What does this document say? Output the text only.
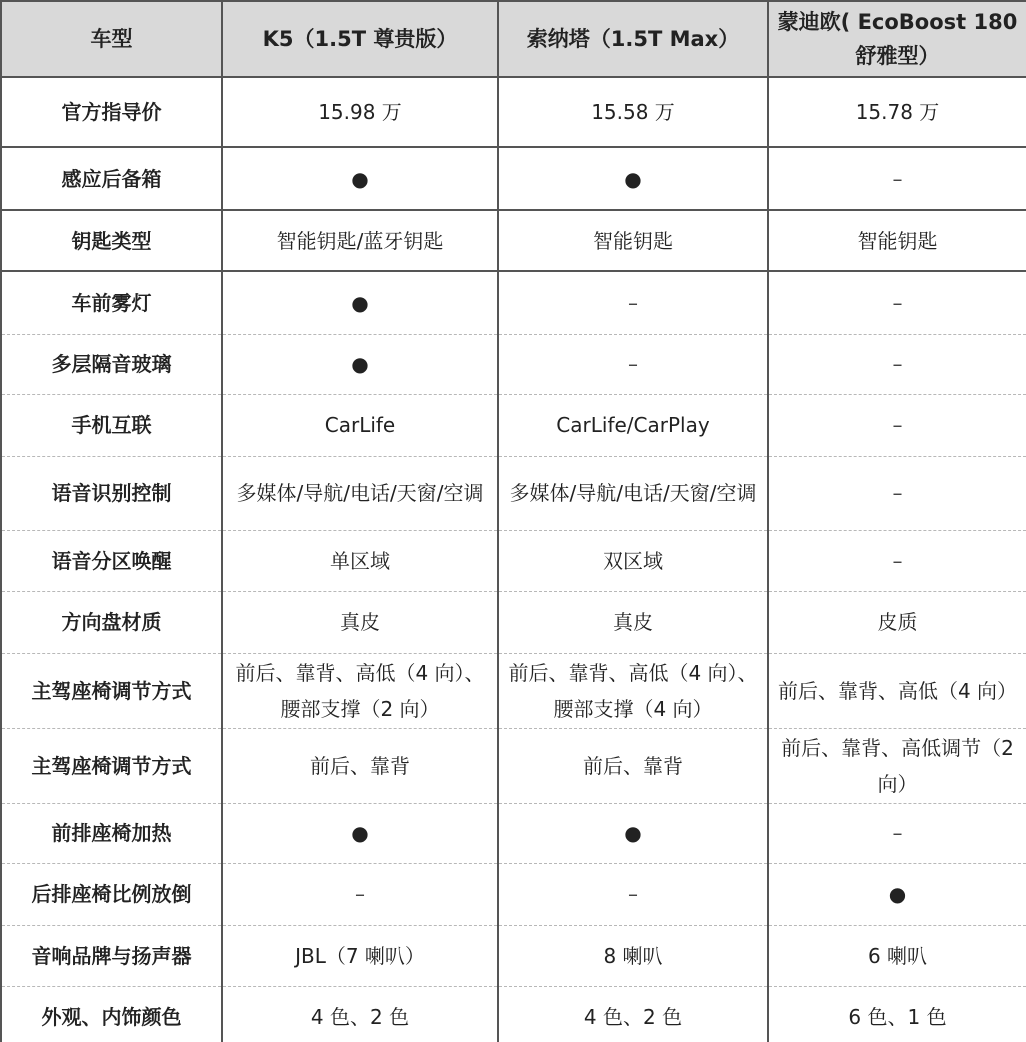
车型	K5（1.5T 尊贵版）	索纳塔（1.5T Max）	蒙迪欧( EcoBoost 180 舒雅型）
官方指导价	15.98 万	15.58 万	15.78 万
感应后备箱	●	●	–
钥匙类型	智能钥匙/蓝牙钥匙	智能钥匙	智能钥匙
车前雾灯	●	–	–
多层隔音玻璃	●	–	–
手机互联	CarLife	CarLife/CarPlay	–
语音识别控制	多媒体/导航/电话/天窗/空调	多媒体/导航/电话/天窗/空调	–
语音分区唤醒	单区域	双区域	–
方向盘材质	真皮	真皮	皮质
主驾座椅调节方式	前后、靠背、高低（4 向）、腰部支撑（2 向）	前后、靠背、高低（4 向）、腰部支撑（4 向）	前后、靠背、高低（4 向）
主驾座椅调节方式	前后、靠背	前后、靠背	前后、靠背、高低调节（2 向）
前排座椅加热	●	●	–
后排座椅比例放倒	–	–	●
音响品牌与扬声器	JBL（7 喇叭）	8 喇叭	6 喇叭
外观、内饰颜色	4 色、2 色	4 色、2 色	6 色、1 色
